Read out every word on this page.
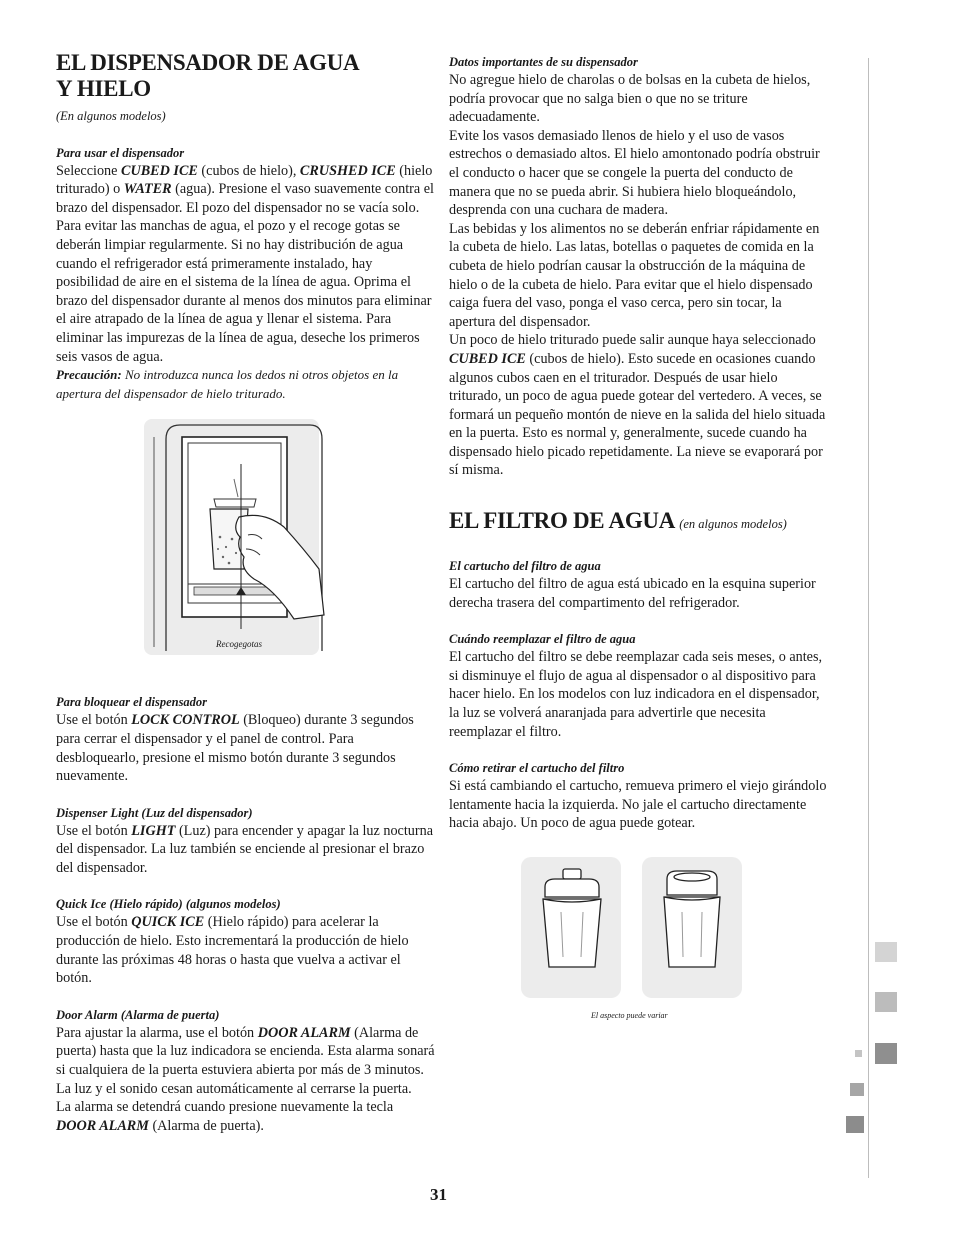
EL DISPENSADOR DE AGUA
Y HIELO
(En algunos modelos)
Para usar el dispensador

Seleccione CUBED ICE (cubos de hielo), CRUSHED ICE (hielo triturado) o WATER (agua). Presione el vaso suavemente contra el brazo del dispensador. El pozo del dispensador no se vacía solo. Para evitar las manchas de agua, el pozo y el recoge gotas se deberán limpiar regularmente. Si no hay distribución de agua cuando el refrigerador está primeramente instalado, hay posibilidad de aire en el sistema de la línea de agua. Oprima el brazo del dispensador durante al menos dos minutos para eliminar el aire atrapado de la línea de agua y llenar el sistema. Para eliminar las impurezas de la línea de agua, deseche los primeros seis vasos de agua.

Precaución: No introduzca nunca los dedos ni otros objetos en la apertura del dispensador de hielo triturado.

Recogegotas
Para bloquear el dispensador

Use el botón LOCK CONTROL (Bloqueo) durante 3 segundos para cerrar el dispensador y el panel de control. Para desbloquearlo, presione el mismo botón durante 3 segundos nuevamente.

Dispenser Light (Luz del dispensador)

Use el botón LIGHT (Luz) para encender y apagar la luz nocturna del dispensador. La luz también se enciende al presionar el brazo del dispensador.

Quick Ice (Hielo rápido) (algunos modelos)

Use el botón QUICK ICE (Hielo rápido) para acelerar la producción de hielo. Esto incrementará la producción de hielo durante las próximas 48 horas o hasta que vuelva a activar el botón.

Door Alarm (Alarma de puerta)

Para ajustar la alarma, use el botón DOOR ALARM (Alarma de puerta) hasta que la luz indicadora se encienda. Esta alarma sonará si cualquiera de la puerta estuviera abierta por más de 3 minutos. La luz y el sonido cesan automáticamente al cerrarse la puerta.

La alarma se detendrá cuando presione nuevamente la tecla DOOR ALARM (Alarma de puerta).

Datos importantes de su dispensador

No agregue hielo de charolas o de bolsas en la cubeta de hielos, podría provocar que no salga bien o que no se triture adecuadamente.

Evite los vasos demasiado llenos de hielo y el uso de vasos estrechos o demasiado altos. El hielo amontonado podría obstruir el conducto o hacer que se congele la puerta del conducto de manera que no se pueda abrir. Si hubiera hielo bloqueándolo, desprenda con una cuchara de madera.

Las bebidas y los alimentos no se deberán enfriar rápidamente en la cubeta de hielo. Las latas, botellas o paquetes de comida en la cubeta de hielo podrían causar la obstrucción de la máquina de hielo o de la cubeta de hielo. Para evitar que el hielo dispensado caiga fuera del vaso, ponga el vaso cerca, pero sin tocar, la apertura del dispensador.

Un poco de hielo triturado puede salir aunque haya seleccionado CUBED ICE (cubos de hielo). Esto sucede en ocasiones cuando algunos cubos caen en el triturador. Después de usar hielo triturado, un poco de agua puede gotear del vertedero. A veces, se formará un pequeño montón de nieve en la salida del hielo situada en la puerta. Esto es normal y, generalmente, sucede cuando ha dispensado hielo picado repetidamente. La nieve se evaporará por sí misma.

EL FILTRO DE AGUA (en algunos modelos)
El cartucho del filtro de agua

El cartucho del filtro de agua está ubicado en la esquina superior derecha trasera del compartimento del refrigerador.

Cuándo reemplazar el filtro de agua

El cartucho del filtro se debe reemplazar cada seis meses, o antes, si disminuye el flujo de agua al dispensador o al dispositivo para hacer hielo. En los modelos con luz indicadora en el dispensador, la luz se volverá anaranjada para advertirle que necesita reemplazar el filtro.

Cómo retirar el cartucho del filtro

Si está cambiando el cartucho, remueva primero el viejo girándolo lentamente hacia la izquierda. No jale el cartucho directamente hacia abajo. Un poco de agua puede gotear.

El aspecto puede variar
31
